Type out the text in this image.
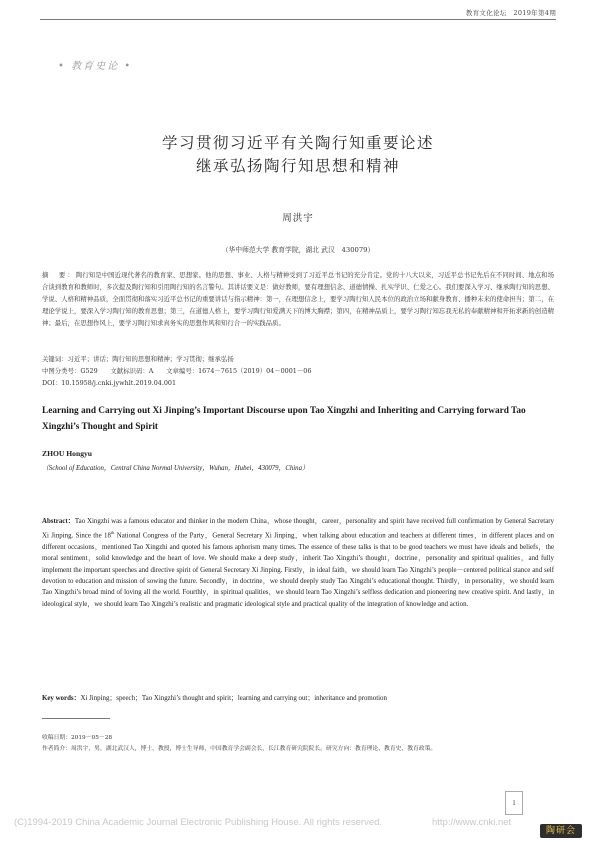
教育文化论坛　2019年第4期
• 教育史论 •
学习贯彻习近平有关陶行知重要论述
继承弘扬陶行知思想和精神
周洪宇
（华中师范大学 教育学院，湖北 武汉　430079）
摘　要：陶行知是中国近现代著名的教育家、思想家。他的思想、事业、人格与精神受到了习近平总书记的充分肯定。党的十八大以来，习近平总书记先后在不同时间、地点和场合谈到教育和教师时，多次提及陶行知和引用陶行知的名言警句。其讲话要义是：做好教师，要有理想信念、道德情操、扎实学识、仁爱之心。我们要深入学习、继承陶行知的思想、学说、人格和精神品质，全面贯彻和落实习近平总书记的重要讲话与指示精神：第一，在理想信念上，要学习陶行知人民本位的政治立场和献身教育、播种未来的使命担当；第二，在理论学说上，要深入学习陶行知的教育思想；第三，在道德人格上，要学习陶行知爱满天下的博大胸襟；第四，在精神品质上，要学习陶行知忘我无私的奉献精神和开拓求新的创造精神；最后，在思想作风上，要学习陶行知求真务实的思想作风和知行合一的实践品质。
关键词：习近平；讲话；陶行知的思想和精神；学习贯彻；继承弘扬
中图分类号：G529　　文献标识码：A　　文章编号：1674－7615（2019）04－0001－06
DOI：10.15958/j.cnki.jywhlt.2019.04.001
Learning and Carrying out Xi Jinping’s Important Discourse upon Tao Xingzhi and Inheriting and Carrying forward Tao Xingzhi’s Thought and Spirit
ZHOU Hongyu
（School of Education，Central China Normal University，Wuhan，Hubei，430079，China）
Abstract：Tao Xingzhi was a famous educator and thinker in the modern China，whose thought，career，personality and spirit have received full confirmation by General Sacretary Xi Jinping. Since the 18th National Congress of the Party，General Secretary Xi Jinping，when talking about education and teachers at different times，in different places and on different occasions，mentioned Tao Xingzhi and quoted his famous aphorism many times. The essence of these talks is that to be good teachers we must have ideals and beliefs，the moral sentiment，solid knowledge and the heart of love. We should make a deep study，inherit Tao Xingzhi’s thought，doctrine，personality and spiritual qualities，and fully implement the important speeches and directive spirit of General Secretary Xi Jinping. Firstly，in ideal faith，we should learn Tao Xingzhi’s people－centered political stance and self devotion to education and mission of sowing the future. Secondly，in doctrine，we should deeply study Tao Xingzhi’s educational thought. Thirdly，in personality，we should learn Tao Xingzhi’s broad mind of loving all the world. Fourthly，in spiritual qualities，we should learn Tao Xingzhi’s selfless dedication and pioneering new creative spirit. And lastly，in ideological style，we should learn Tao Xingzhi’s realistic and pragmatic ideological style and practical quality of the integration of knowledge and action.
Key words：Xi Jinping；speech；Tao Xingzhi’s thought and spirit；learning and carrying out；inheritance and promotion
收稿日期：2019－05－28
作者简介：周洪宇，男，湖北武汉人，博士，教授，博士生导师，中国教育学会副会长，长江教育研究院院长。研究方向：教育理论、教育史、教育政策。
1
(C)1994-2019 China Academic Journal Electronic Publishing House. All rights reserved.	http://www.cnki.net
陶研会
